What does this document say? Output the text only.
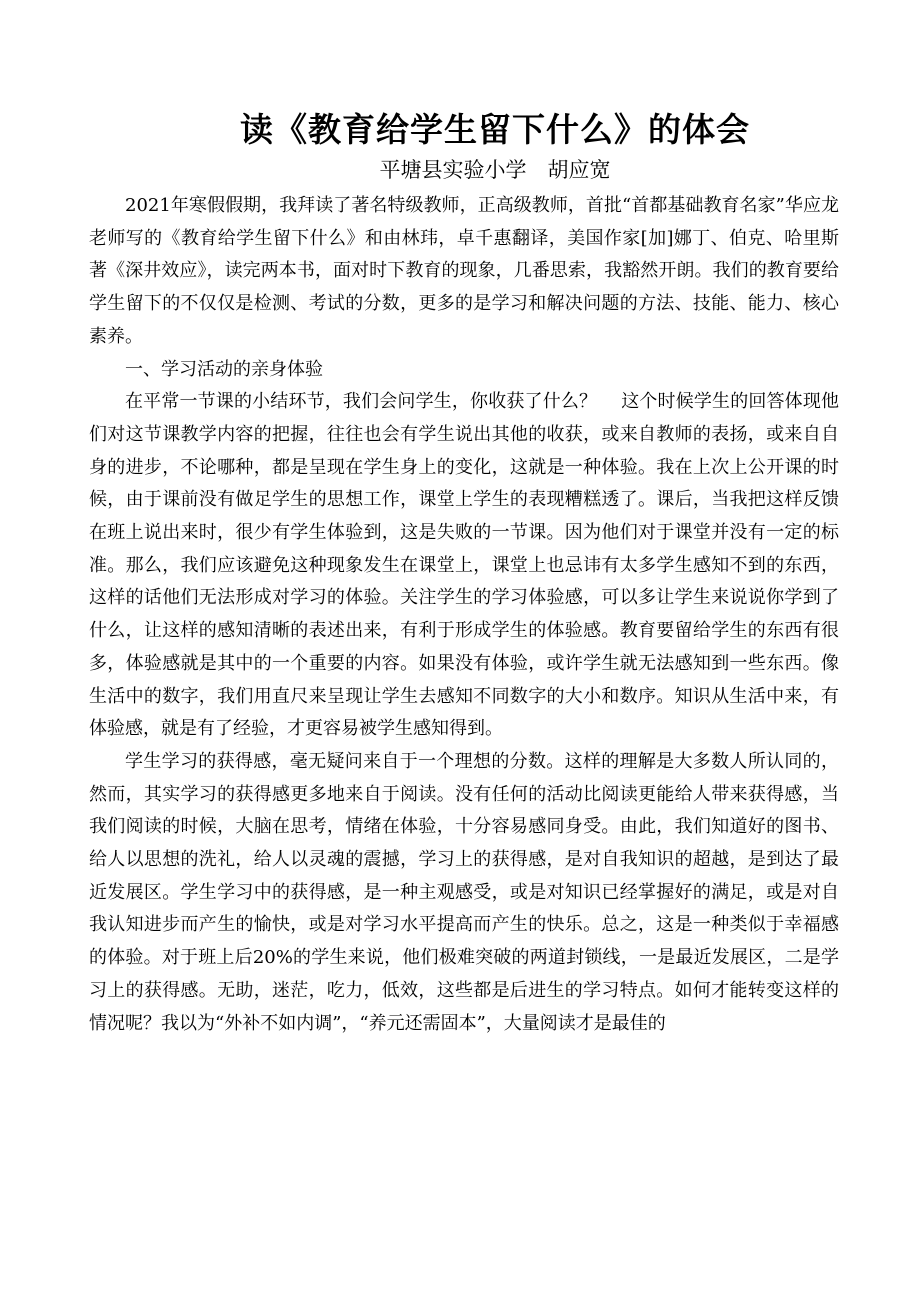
读《教育给学生留下什么》的体会
平塘县实验小学　胡应宽

2021年寒假假期，我拜读了著名特级教师，正高级教师，首批“首都基础教育名家”华应龙老师写的《教育给学生留下什么》和由林玮，卓千惠翻译，美国作家[加]娜丁、伯克、哈里斯著《深井效应》，读完两本书，面对时下教育的现象，几番思索，我豁然开朗。我们的教育要给学生留下的不仅仅是检测、考试的分数，更多的是学习和解决问题的方法、技能、能力、核心素养。

一、学习活动的亲身体验

在平常一节课的小结环节，我们会问学生，你收获了什么？　 这个时候学生的回答体现他们对这节课教学内容的把握，往往也会有学生说出其他的收获，或来自教师的表扬，或来自自身的进步，不论哪种，都是呈现在学生身上的变化，这就是一种体验。我在上次上公开课的时候，由于课前没有做足学生的思想工作，课堂上学生的表现糟糕透了。课后，当我把这样反馈在班上说出来时，很少有学生体验到，这是失败的一节课。因为他们对于课堂并没有一定的标准。那么，我们应该避免这种现象发生在课堂上，课堂上也忌讳有太多学生感知不到的东西，这样的话他们无法形成对学习的体验。关注学生的学习体验感，可以多让学生来说说你学到了什么，让这样的感知清晰的表述出来，有利于形成学生的体验感。教育要留给学生的东西有很多，体验感就是其中的一个重要的内容。如果没有体验，或许学生就无法感知到一些东西。像生活中的数字，我们用直尺来呈现让学生去感知不同数字的大小和数序。知识从生活中来，有体验感，就是有了经验，才更容易被学生感知得到。

学生学习的获得感，毫无疑问来自于一个理想的分数。这样的理解是大多数人所认同的，然而，其实学习的获得感更多地来自于阅读。没有任何的活动比阅读更能给人带来获得感，当我们阅读的时候，大脑在思考，情绪在体验，十分容易感同身受。由此，我们知道好的图书、给人以思想的洗礼，给人以灵魂的震撼，学习上的获得感，是对自我知识的超越，是到达了最近发展区。学生学习中的获得感，是一种主观感受，或是对知识已经掌握好的满足，或是对自我认知进步而产生的愉快，或是对学习水平提高而产生的快乐。总之，这是一种类似于幸福感的体验。对于班上后20%的学生来说，他们极难突破的两道封锁线，一是最近发展区，二是学习上的获得感。无助，迷茫，吃力，低效，这些都是后进生的学习特点。如何才能转变这样的情况呢？我以为“外补不如内调”，“养元还需固本”，大量阅读才是最佳的
